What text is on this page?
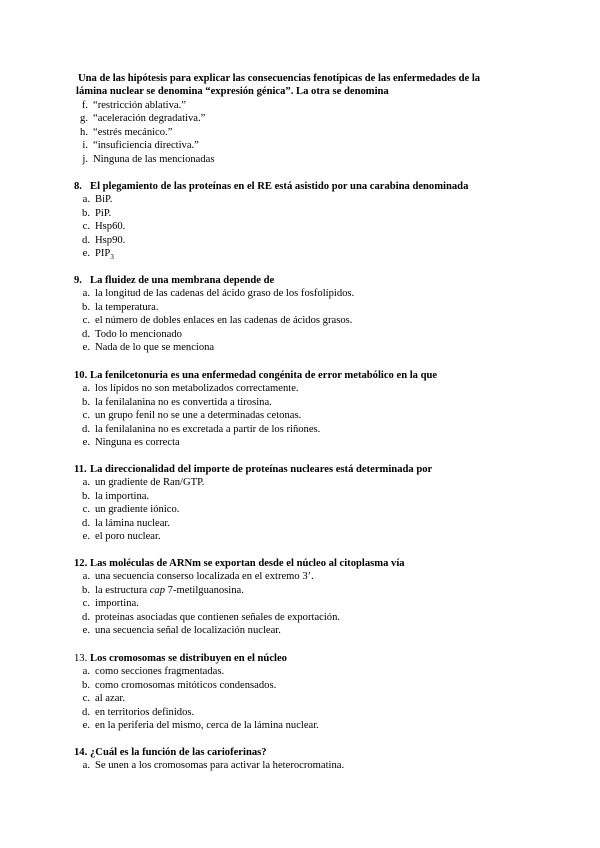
Una de las hipótesis para explicar las consecuencias fenotípicas de las enfermedades de la
lámina nuclear se denomina “expresión génica”. La otra se denomina
f. “restricción ablativa.”
g. “aceleración degradativa.”
h. “estrés mecánico.”
i. “insuficiencia directiva.”
j. Ninguna de las mencionadas
8. El plegamiento de las proteínas en el RE está asistido por una carabina denominada
a. BiP.
b. PiP.
c. Hsp60.
d. Hsp90.
e. $PIP_3$
9. La fluidez de una membrana depende de
a. la longitud de las cadenas del ácido graso de los fosfolípidos.
b. la temperatura.
c. el número de dobles enlaces en las cadenas de ácidos grasos.
d. Todo lo mencionado
e. Nada de lo que se menciona
10. La fenilcetonuria es una enfermedad congénita de error metabólico en la que
a. los lípidos no son metabolizados correctamente.
b. la fenilalanina no es convertida a tirosina.
c. un grupo fenil no se une a determinadas cetonas.
d. la fenilalanina no es excretada a partir de los riñones.
e. Ninguna es correcta
11. La direccionalidad del importe de proteínas nucleares está determinada por
a. un gradiente de Ran/GTP.
b. la importina.
c. un gradiente iónico.
d. la lámina nuclear.
e. el poro nuclear.
12. Las moléculas de ARNm se exportan desde el núcleo al citoplasma vía
a. una secuencia conserso localizada en el extremo 3’.
b. la estructura cap 7-metilguanosina.
c. importina.
d. proteínas asociadas que contienen señales de exportación.
e. una secuencia señal de localización nuclear.
13. Los cromosomas se distribuyen en el núcleo
a. como secciones fragmentadas.
b. como cromosomas mitóticos condensados.
c. al azar.
d. en territorios definidos.
e. en la periferia del mismo, cerca de la lámina nuclear.
14. ¿Cuál es la función de las carioferinas?
a. Se unen a los cromosomas para activar la heterocromatina.
